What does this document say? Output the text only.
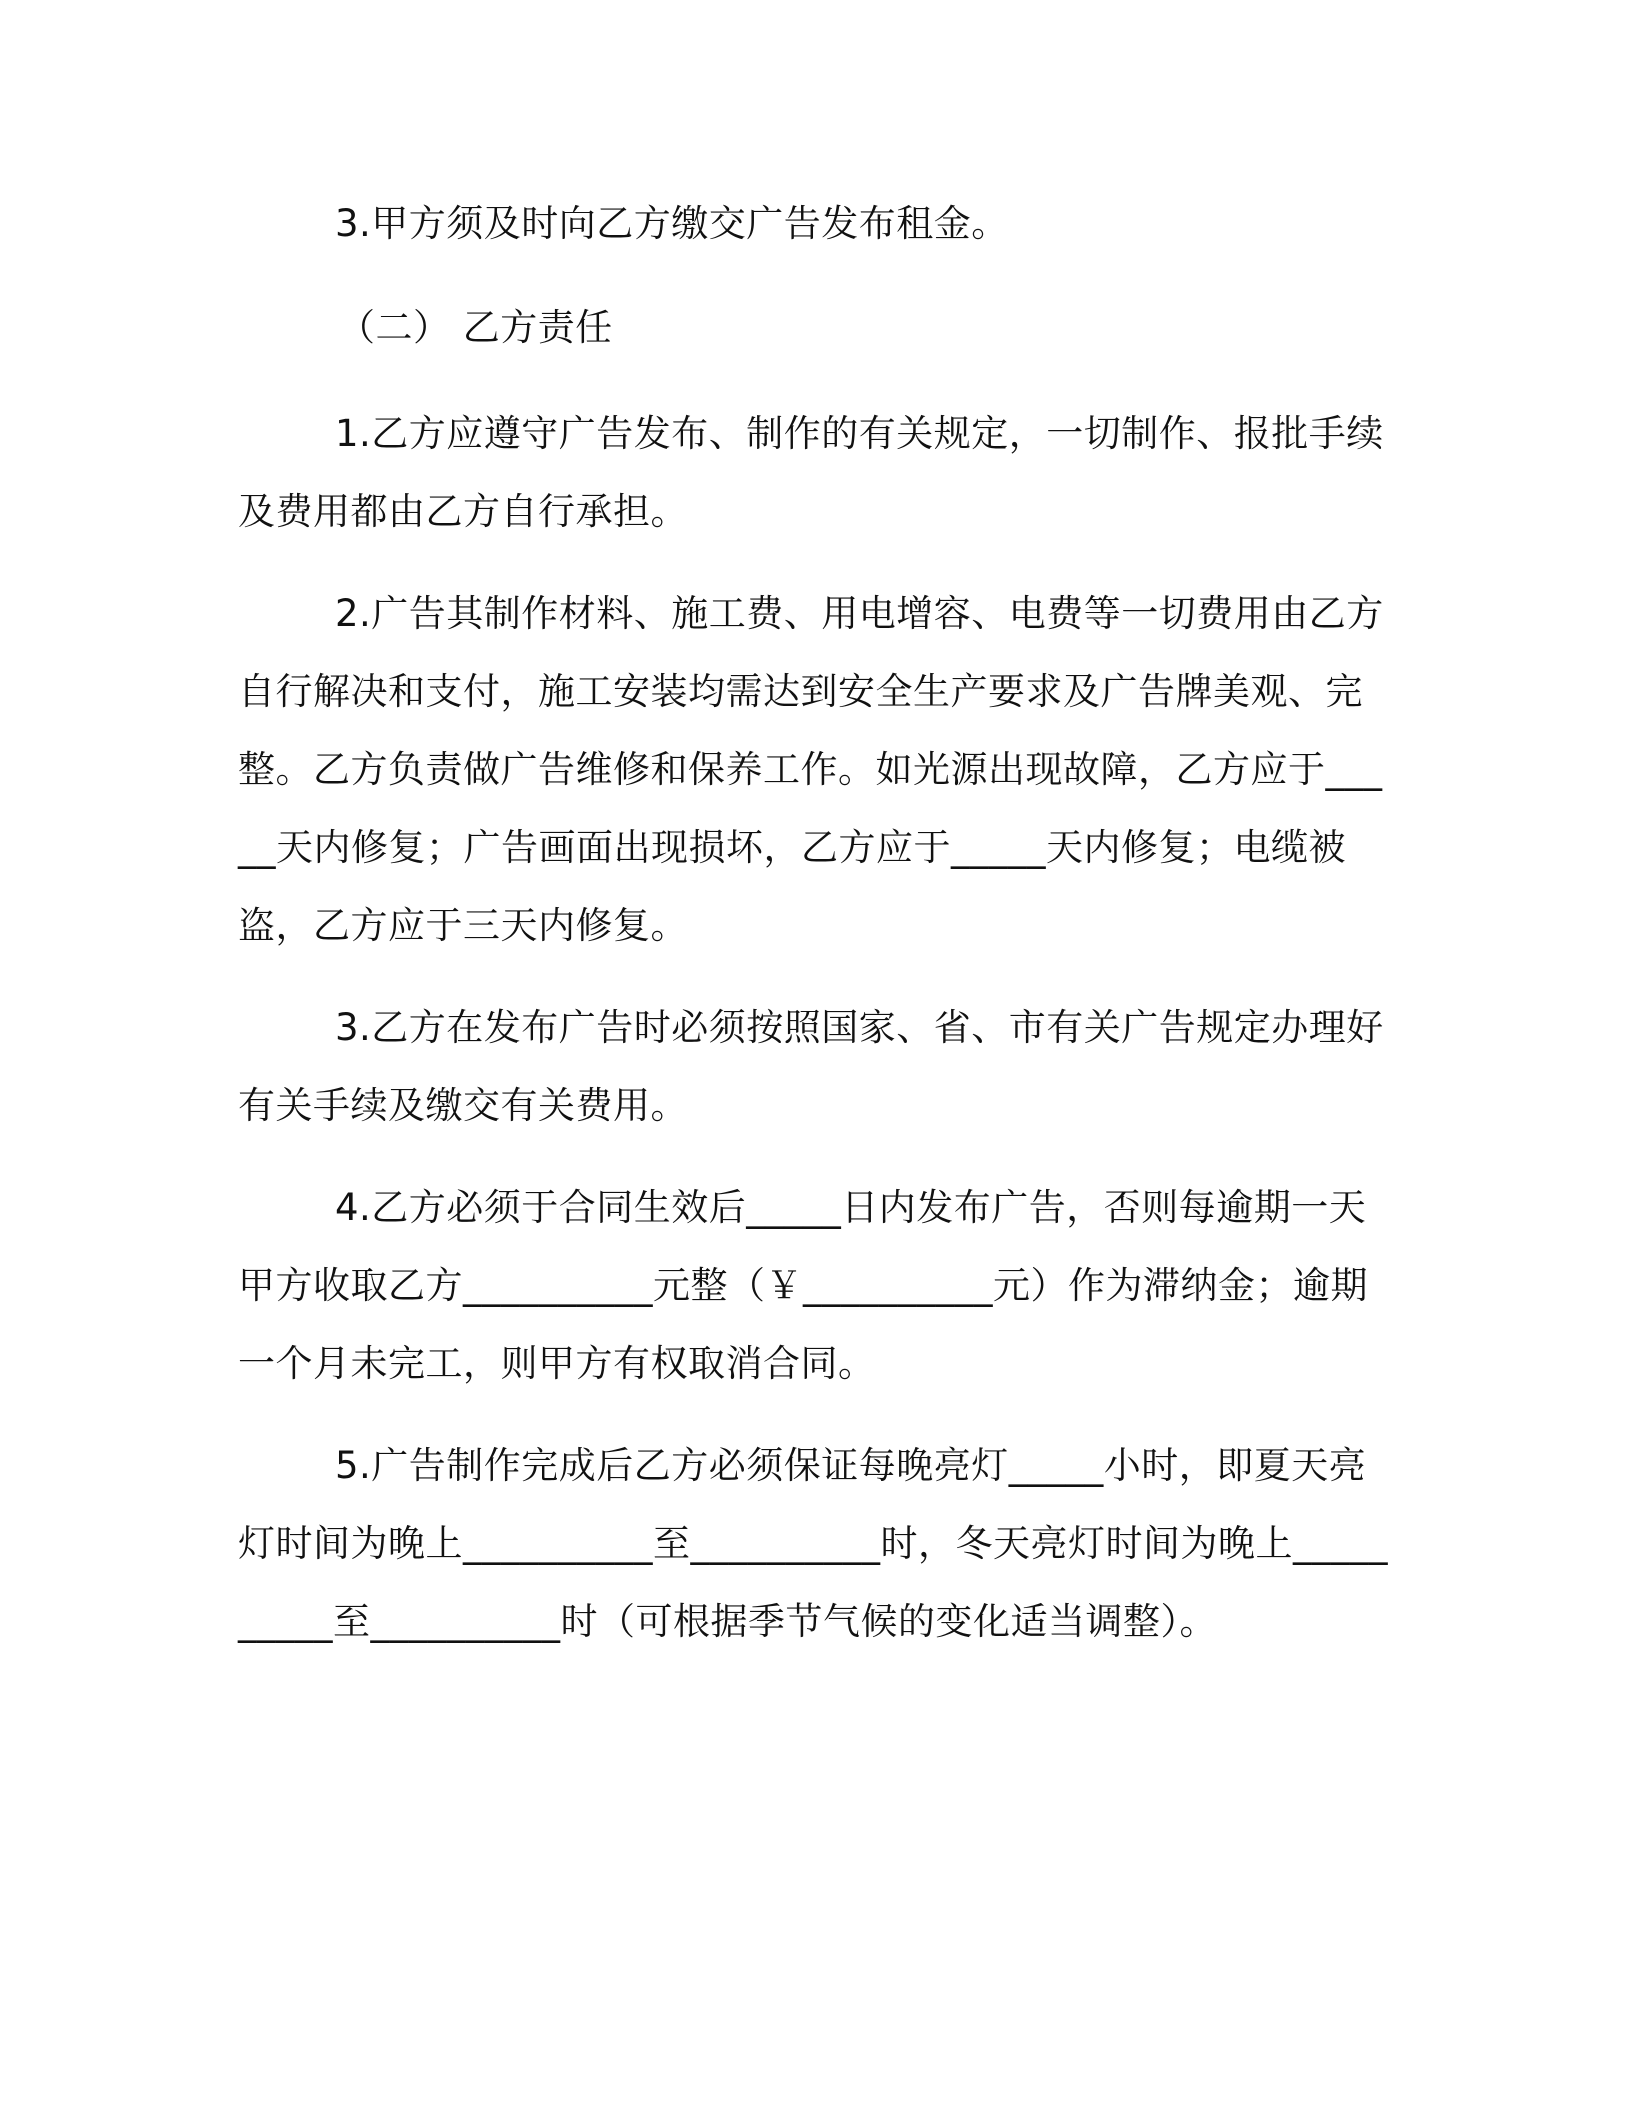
3.甲方须及时向乙方缴交广告发布租金。

（二） 乙方责任

1.乙方应遵守广告发布、制作的有关规定，一切制作、报批手续及费用都由乙方自行承担。

2.广告其制作材料、施工费、用电增容、电费等一切费用由乙方自行解决和支付，施工安装均需达到安全生产要求及广告牌美观、完整。乙方负责做广告维修和保养工作。如光源出现故障，乙方应于_____天内修复；广告画面出现损坏，乙方应于_____天内修复；电缆被盗，乙方应于三天内修复。

3.乙方在发布广告时必须按照国家、省、市有关广告规定办理好有关手续及缴交有关费用。

4.乙方必须于合同生效后_____日内发布广告，否则每逾期一天甲方收取乙方__________元整（￥__________元）作为滞纳金；逾期一个月未完工，则甲方有权取消合同。

5.广告制作完成后乙方必须保证每晚亮灯_____小时，即夏天亮灯时间为晚上__________至__________时，冬天亮灯时间为晚上__________至__________时（可根据季节气候的变化适当调整）。
